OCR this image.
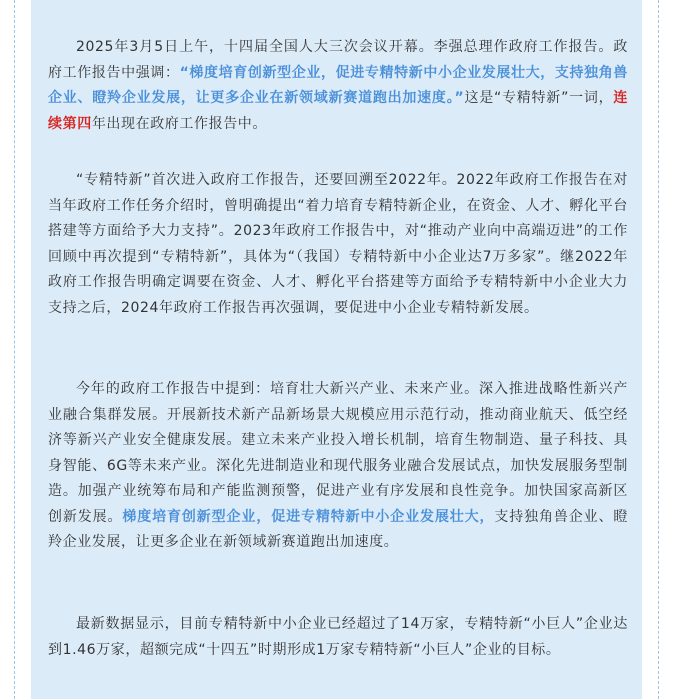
2025年3月5日上午，十四届全国人大三次会议开幕。李强总理作政府工作报告。政府工作报告中强调：“梯度培育创新型企业，促进专精特新中小企业发展壮大，支持独角兽企业、瞪羚企业发展，让更多企业在新领域新赛道跑出加速度。”这是“专精特新”一词，连续第四年出现在政府工作报告中。

“专精特新”首次进入政府工作报告，还要回溯至2022年。2022年政府工作报告在对当年政府工作任务介绍时，曾明确提出“着力培育专精特新企业，在资金、人才、孵化平台搭建等方面给予大力支持”。2023年政府工作报告中，对“推动产业向中高端迈进”的工作回顾中再次提到“专精特新”，具体为“（我国）专精特新中小企业达7万多家”。继2022年政府工作报告明确定调要在资金、人才、孵化平台搭建等方面给予专精特新中小企业大力支持之后，2024年政府工作报告再次强调，要促进中小企业专精特新发展。

今年的政府工作报告中提到：培育壮大新兴产业、未来产业。深入推进战略性新兴产业融合集群发展。开展新技术新产品新场景大规模应用示范行动，推动商业航天、低空经济等新兴产业安全健康发展。建立未来产业投入增长机制，培育生物制造、量子科技、具身智能、6G等未来产业。深化先进制造业和现代服务业融合发展试点，加快发展服务型制造。加强产业统筹布局和产能监测预警，促进产业有序发展和良性竞争。加快国家高新区创新发展。梯度培育创新型企业，促进专精特新中小企业发展壮大，支持独角兽企业、瞪羚企业发展，让更多企业在新领域新赛道跑出加速度。

最新数据显示，目前专精特新中小企业已经超过了14万家，专精特新“小巨人”企业达到1.46万家，超额完成“十四五”时期形成1万家专精特新“小巨人”企业的目标。
